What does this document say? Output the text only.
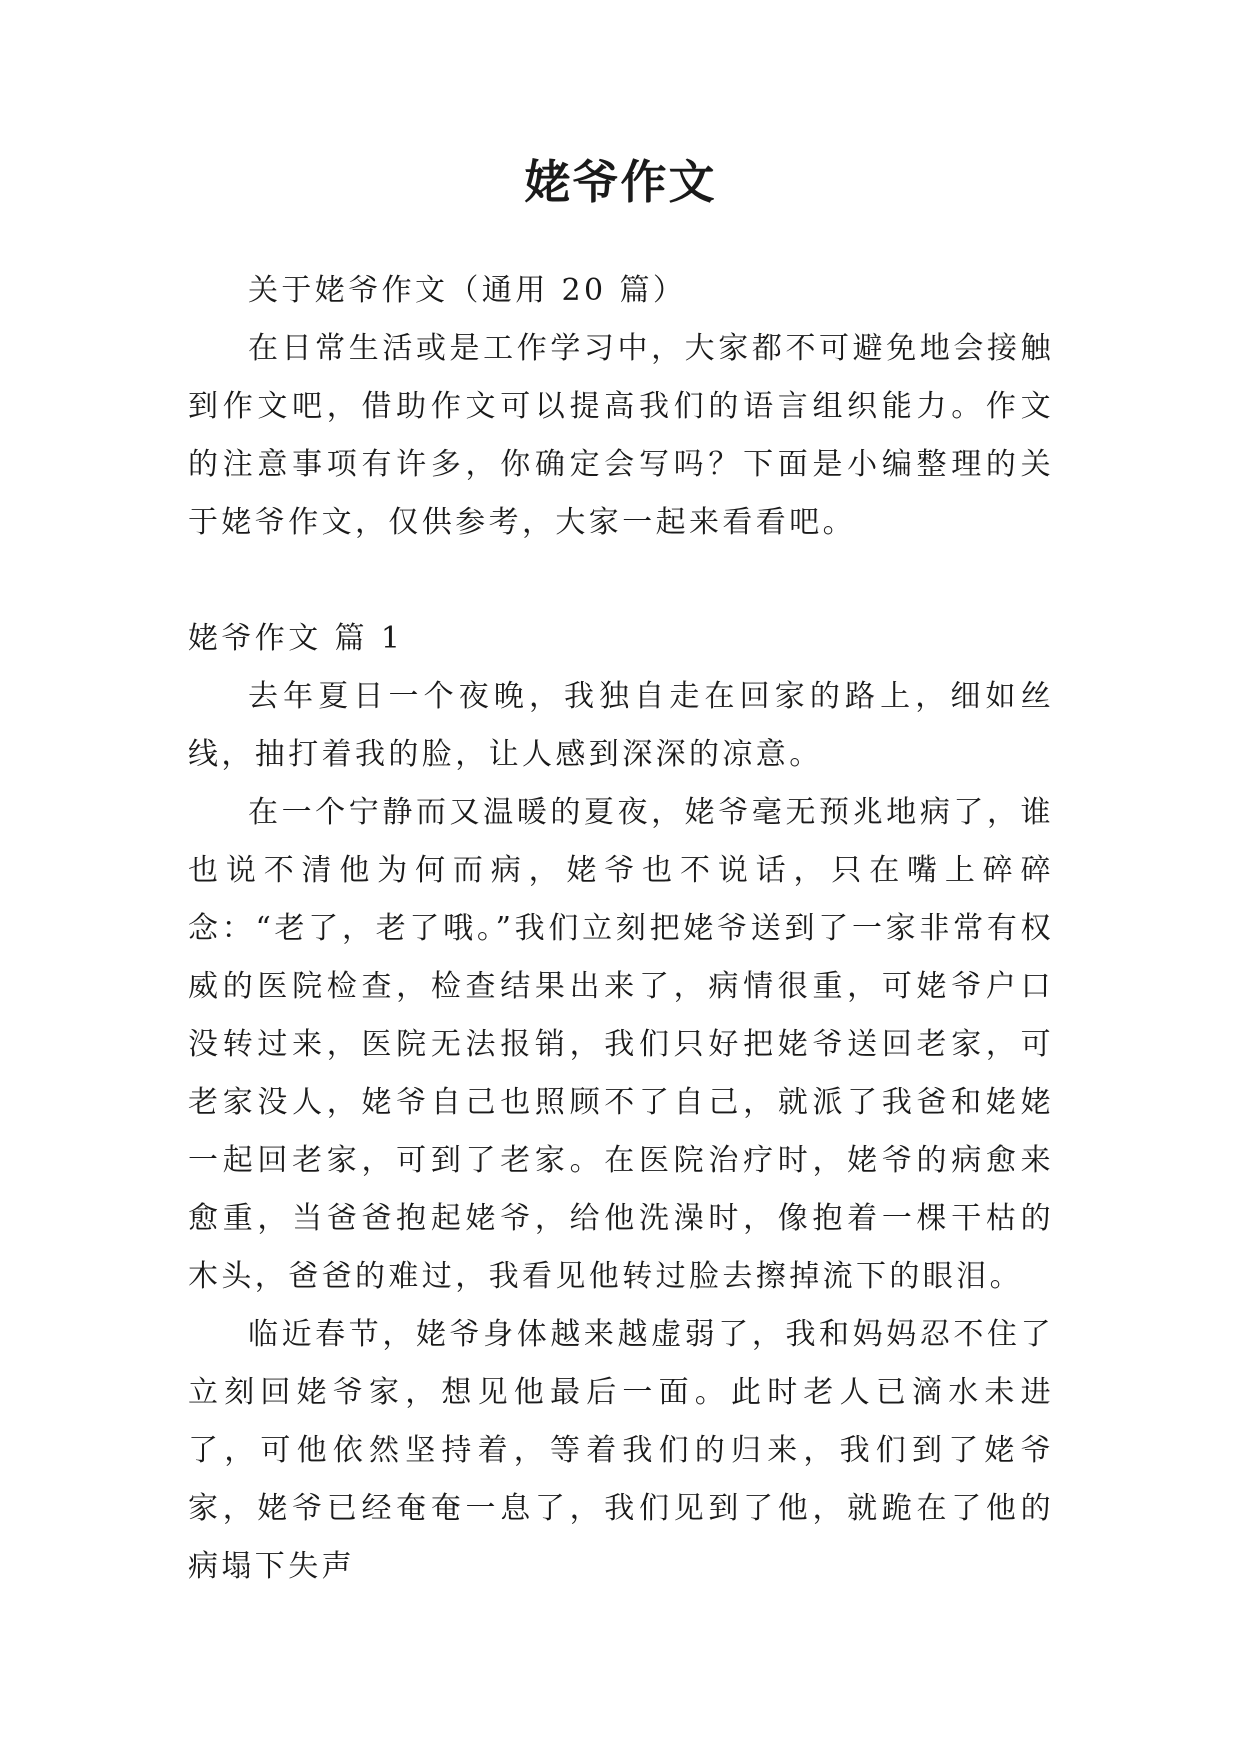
姥爷作文

关于姥爷作文（通用 20 篇）

在日常生活或是工作学习中，大家都不可避免地会接触到作文吧，借助作文可以提高我们的语言组织能力。作文的注意事项有许多，你确定会写吗？下面是小编整理的关于姥爷作文，仅供参考，大家一起来看看吧。

姥爷作文 篇 1

去年夏日一个夜晚，我独自走在回家的路上，细如丝线，抽打着我的脸，让人感到深深的凉意。

在一个宁静而又温暖的夏夜，姥爷毫无预兆地病了，谁也说不清他为何而病，姥爷也不说话，只在嘴上碎碎念：“老了，老了哦。”我们立刻把姥爷送到了一家非常有权威的医院检查，检查结果出来了，病情很重，可姥爷户口没转过来，医院无法报销，我们只好把姥爷送回老家，可老家没人，姥爷自己也照顾不了自己，就派了我爸和姥姥一起回老家，可到了老家。在医院治疗时，姥爷的病愈来愈重，当爸爸抱起姥爷，给他洗澡时，像抱着一棵干枯的木头，爸爸的难过，我看见他转过脸去擦掉流下的眼泪。

临近春节，姥爷身体越来越虚弱了，我和妈妈忍不住了立刻回姥爷家，想见他最后一面。此时老人已滴水未进了，可他依然坚持着，等着我们的归来，我们到了姥爷家，姥爷已经奄奄一息了，我们见到了他，就跪在了他的病塌下失声
